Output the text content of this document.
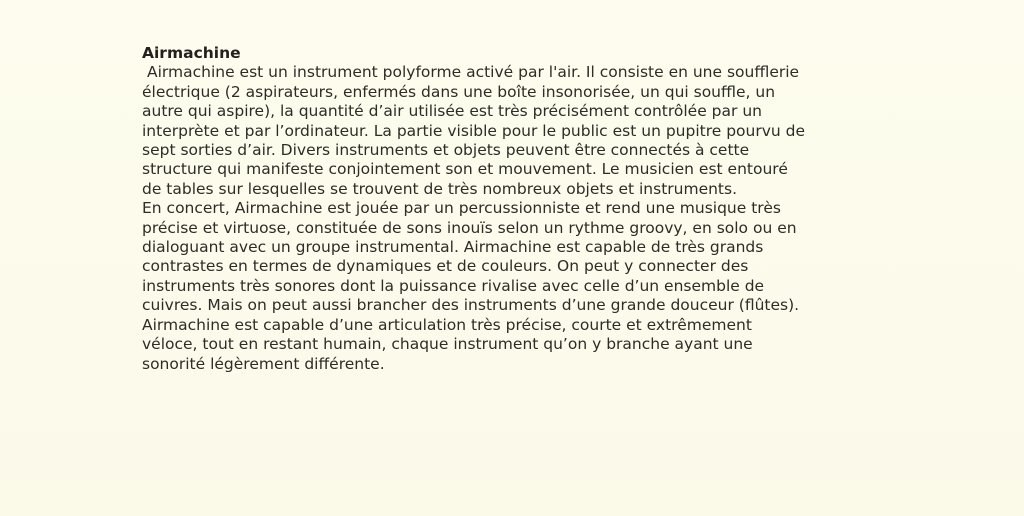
Airmachine

Airmachine est un instrument polyforme activé par l'air. Il consiste en une soufflerie
électrique (2 aspirateurs, enfermés dans une boîte insonorisée, un qui souffle, un
autre qui aspire), la quantité d’air utilisée est très précisément contrôlée par un
interprète et par l’ordinateur. La partie visible pour le public est un pupitre pourvu de
sept sorties d’air. Divers instruments et objets peuvent être connectés à cette
structure qui manifeste conjointement son et mouvement. Le musicien est entouré
de tables sur lesquelles se trouvent de très nombreux objets et instruments.

En concert, Airmachine est jouée par un percussionniste et rend une musique très
précise et virtuose, constituée de sons inouïs selon un rythme groovy, en solo ou en
dialoguant avec un groupe instrumental. Airmachine est capable de très grands
contrastes en termes de dynamiques et de couleurs. On peut y connecter des
instruments très sonores dont la puissance rivalise avec celle d’un ensemble de
cuivres. Mais on peut aussi brancher des instruments d’une grande douceur (flûtes).
Airmachine est capable d’une articulation très précise, courte et extrêmement
véloce, tout en restant humain, chaque instrument qu’on y branche ayant une
sonorité légèrement différente.
